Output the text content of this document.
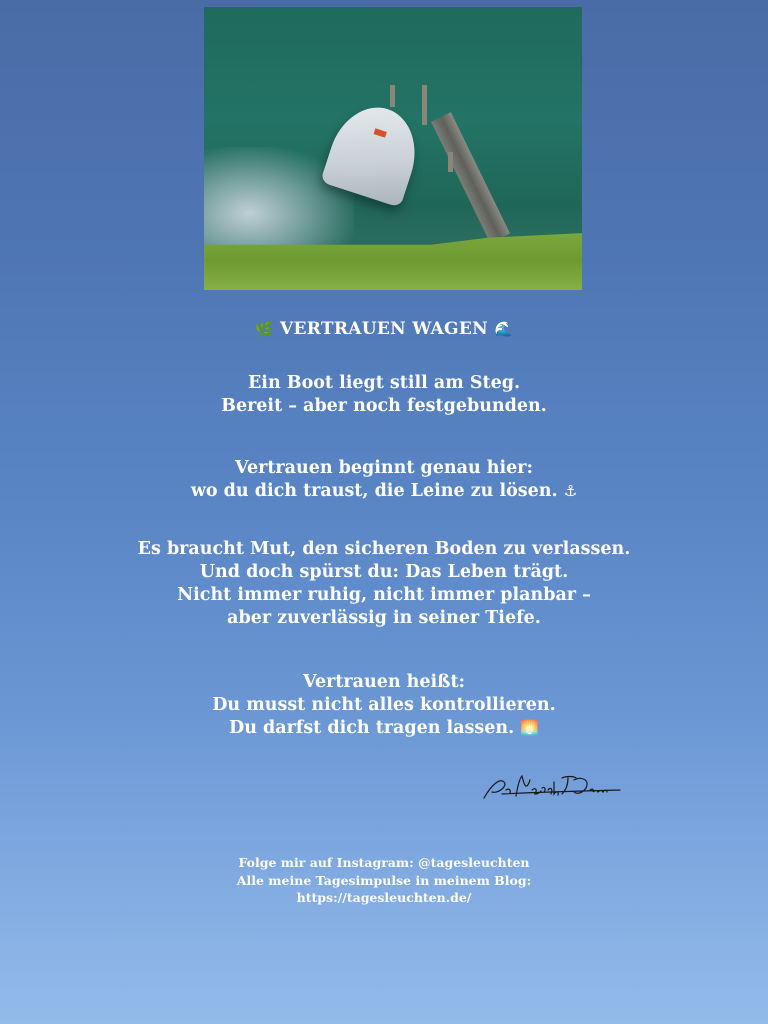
🌿 VERTRAUEN WAGEN 🌊
Ein Boot liegt still am Steg.
Bereit – aber noch festgebunden.
Vertrauen beginnt genau hier:
wo du dich traust, die Leine zu lösen. ⚓
Es braucht Mut, den sicheren Boden zu verlassen.
Und doch spürst du: Das Leben trägt.
Nicht immer ruhig, nicht immer planbar –
aber zuverlässig in seiner Tiefe.
Vertrauen heißt:
Du musst nicht alles kontrollieren.
Du darfst dich tragen lassen. 🌅
Folge mir auf Instagram: @tagesleuchten
Alle meine Tagesimpulse in meinem Blog:
https://tagesleuchten.de/
